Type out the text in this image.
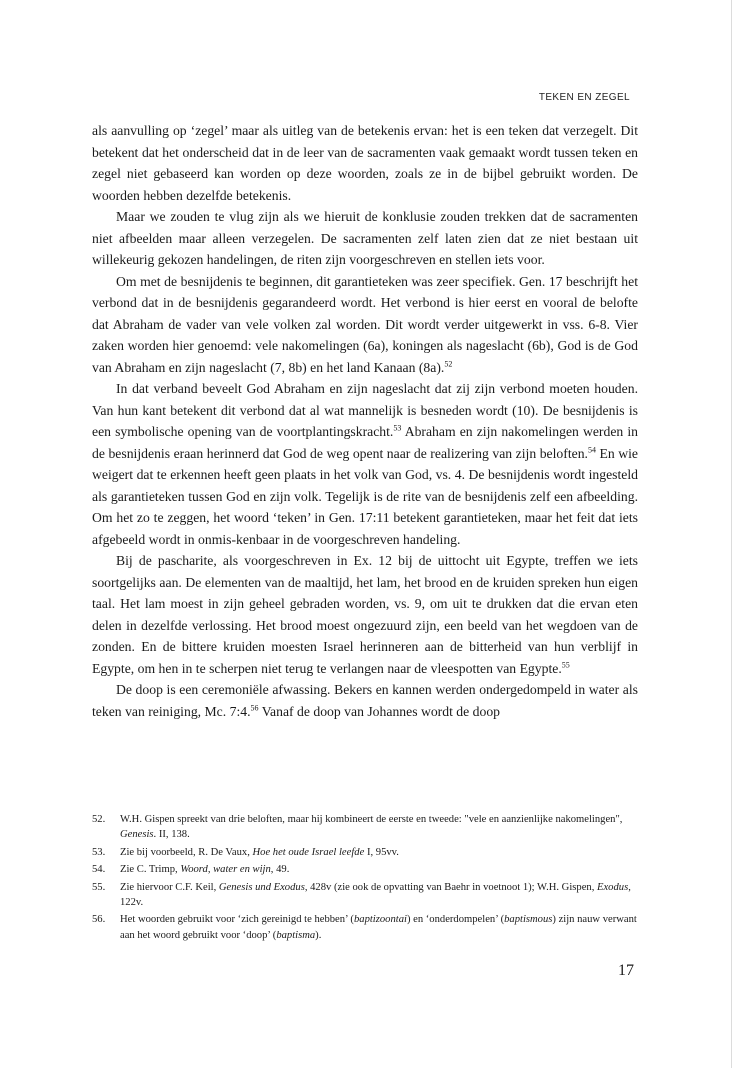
TEKEN EN ZEGEL

als aanvulling op ‘zegel’ maar als uitleg van de betekenis ervan: het is een teken dat verzegelt. Dit betekent dat het onderscheid dat in de leer van de sacramenten vaak gemaakt wordt tussen teken en zegel niet gebaseerd kan worden op deze woorden, zoals ze in de bijbel gebruikt worden. De woorden hebben dezelfde betekenis.

Maar we zouden te vlug zijn als we hieruit de konklusie zouden trekken dat de sacramenten niet afbeelden maar alleen verzegelen. De sacramenten zelf laten zien dat ze niet bestaan uit willekeurig gekozen handelingen, de riten zijn voorgeschreven en stellen iets voor.

Om met de besnijdenis te beginnen, dit garantieteken was zeer specifiek. Gen. 17 beschrijft het verbond dat in de besnijdenis gegarandeerd wordt. Het verbond is hier eerst en vooral de belofte dat Abraham de vader van vele volken zal worden. Dit wordt verder uitgewerkt in vss. 6-8. Vier zaken worden hier genoemd: vele nakomelingen (6a), koningen als nageslacht (6b), God is de God van Abraham en zijn nageslacht (7, 8b) en het land Kanaan (8a).$^{52}$

In dat verband beveelt God Abraham en zijn nageslacht dat zij zijn verbond moeten houden. Van hun kant betekent dit verbond dat al wat mannelijk is besneden wordt (10). De besnijdenis is een symbolische opening van de voortplantingskracht.$^{53}$ Abraham en zijn nakomelingen werden in de besnijdenis eraan herinnerd dat God de weg opent naar de realizering van zijn beloften.$^{54}$ En wie weigert dat te erkennen heeft geen plaats in het volk van God, vs. 4. De besnijdenis wordt ingesteld als garantieteken tussen God en zijn volk. Tegelijk is de rite van de besnijdenis zelf een afbeelding. Om het zo te zeggen, het woord ‘teken’ in Gen. 17:11 betekent garantieteken, maar het feit dat iets afgebeeld wordt in onmis-kenbaar in de voorgeschreven handeling.

Bij de pascharite, als voorgeschreven in Ex. 12 bij de uittocht uit Egypte, treffen we iets soortgelijks aan. De elementen van de maaltijd, het lam, het brood en de kruiden spreken hun eigen taal. Het lam moest in zijn geheel gebraden worden, vs. 9, om uit te drukken dat die ervan eten delen in dezelfde verlossing. Het brood moest ongezuurd zijn, een beeld van het wegdoen van de zonden. En de bittere kruiden moesten Israel herinneren aan de bitterheid van hun verblijf in Egypte, om hen in te scherpen niet terug te verlangen naar de vleespotten van Egypte.$^{55}$

De doop is een ceremoniële afwassing. Bekers en kannen werden ondergedompeld in water als teken van reiniging, Mc. 7:4.56 Vanaf de doop van Johannes wordt de doop

52.	W.H. Gispen spreekt van drie beloften, maar hij kombineert de eerste en tweede: "vele en aanzienlijke nakomelingen", Genesis. II, 138.
53.	Zie bij voorbeeld, R. De Vaux, Hoe het oude Israel leefde I, 95vv.
54.	Zie C. Trimp, Woord, water en wijn, 49.
55.	Zie hiervoor C.F. Keil, Genesis und Exodus, 428v (zie ook de opvatting van Baehr in voetnoot 1); W.H. Gispen, Exodus, 122v.
56.	Het woorden gebruikt voor ‘zich gereinigd te hebben’ (baptizoontai) en ‘onderdompelen’ (baptismous) zijn nauw verwant aan het woord gebruikt voor ‘doop’ (baptisma).
17
